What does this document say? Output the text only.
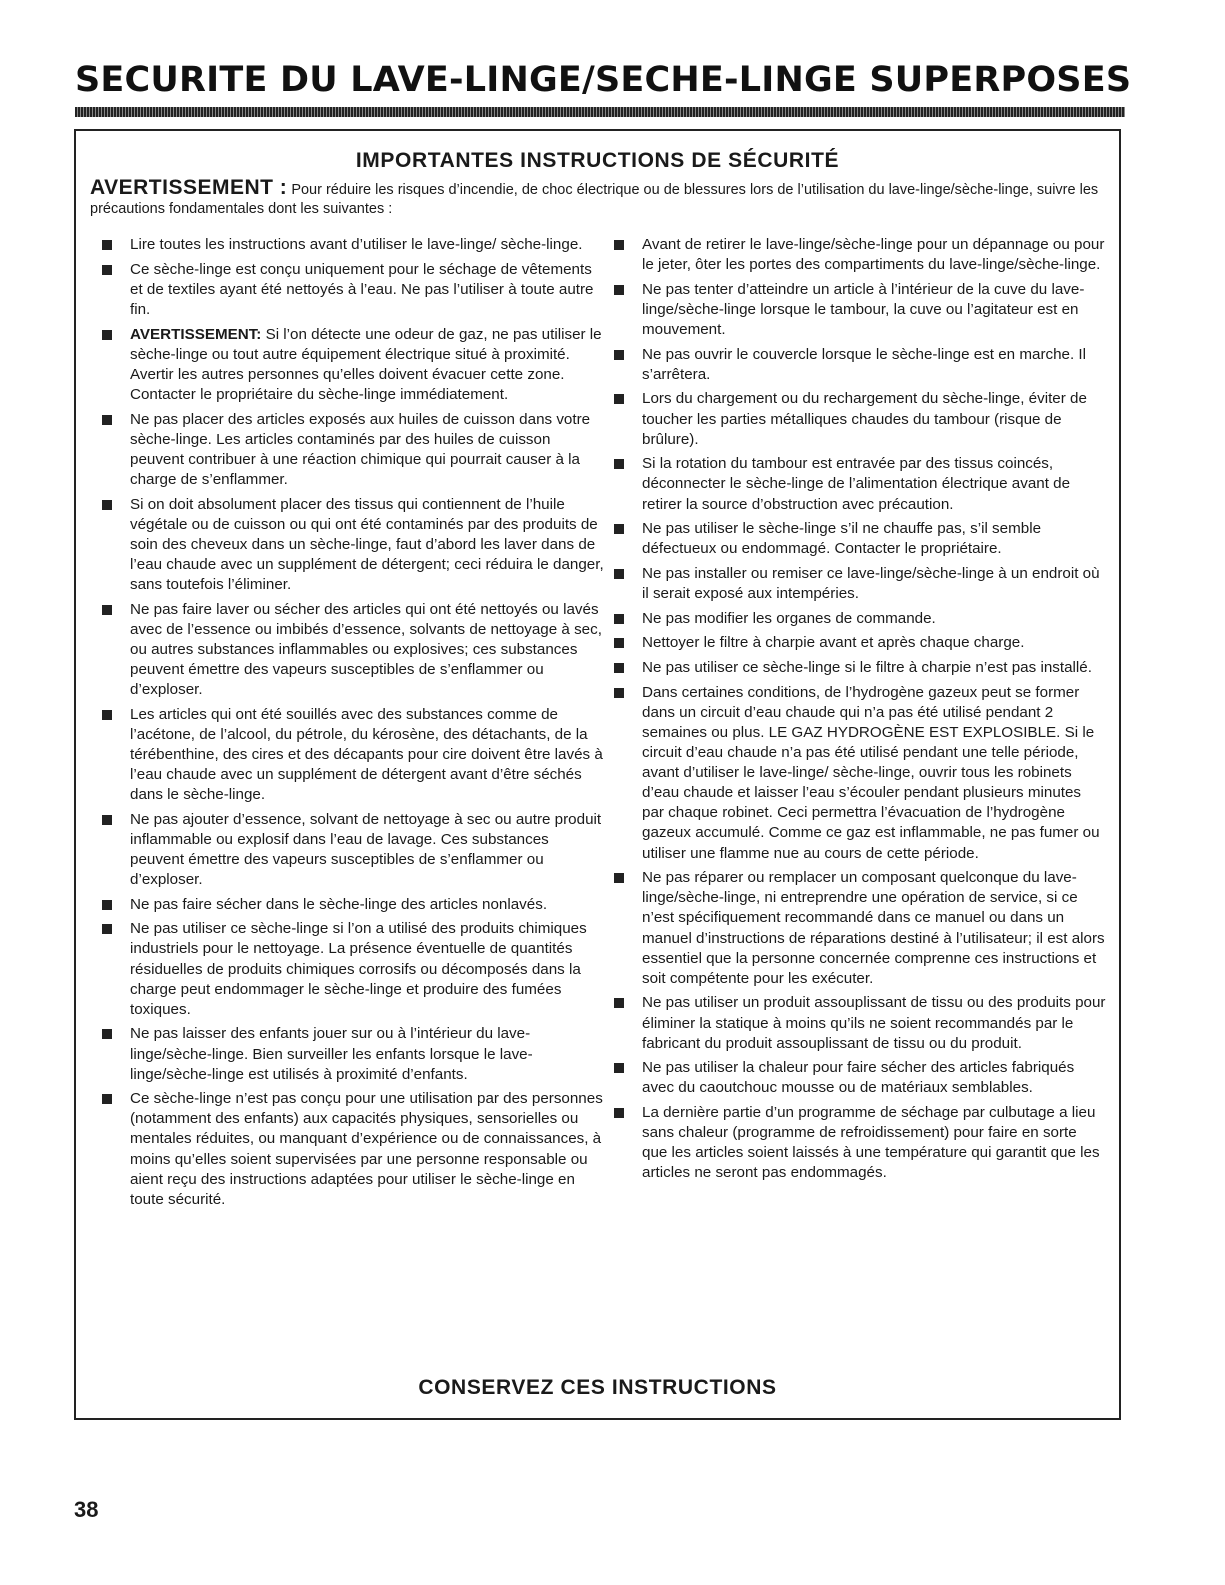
SECURITE DU LAVE-LINGE/SECHE-LINGE SUPERPOSES
IMPORTANTES INSTRUCTIONS DE SÉCURITÉ

AVERTISSEMENT : Pour réduire les risques d’incendie, de choc électrique ou de blessures lors de l’utilisation du lave-linge/sèche-linge, suivre les précautions fondamentales dont les suivantes :

Lire toutes les instructions avant d’utiliser le lave-linge/ sèche-linge.
Ce sèche-linge est conçu uniquement pour le séchage de vêtements et de textiles ayant été nettoyés à l’eau. Ne pas l’utiliser à toute autre fin.
AVERTISSEMENT: Si l’on détecte une odeur de gaz, ne pas utiliser le sèche-linge ou tout autre équipement électrique situé à proximité. Avertir les autres personnes qu’elles doivent évacuer cette zone. Contacter le propriétaire du sèche-linge immédiatement.
Ne pas placer des articles exposés aux huiles de cuisson dans votre sèche-linge. Les articles contaminés par des huiles de cuisson peuvent contribuer à une réaction chimique qui pourrait causer à la charge de s’enflammer.
Si on doit absolument placer des tissus qui contiennent de l’huile végétale ou de cuisson ou qui ont été contaminés par des produits de soin des cheveux dans un sèche-linge, faut d’abord les laver dans de l’eau chaude avec un supplément de détergent; ceci réduira le danger, sans toutefois l’éliminer.
Ne pas faire laver ou sécher des articles qui ont été nettoyés ou lavés avec de l’essence ou imbibés d’essence, solvants de nettoyage à sec, ou autres substances inflammables ou explosives; ces substances peuvent émettre des vapeurs susceptibles de s’enflammer ou d’exploser.
Les articles qui ont été souillés avec des substances comme de l’acétone, de l’alcool, du pétrole, du kérosène, des détachants, de la térébenthine, des cires et des décapants pour cire doivent être lavés à l’eau chaude avec un supplément de détergent avant d’être séchés dans le sèche-linge.
Ne pas ajouter d’essence, solvant de nettoyage à sec ou autre produit inflammable ou explosif dans l’eau de lavage. Ces substances peuvent émettre des vapeurs susceptibles de s’enflammer ou d’exploser.
Ne pas faire sécher dans le sèche-linge des articles nonlavés.
Ne pas utiliser ce sèche-linge si l’on a utilisé des produits chimiques industriels pour le nettoyage. La présence éventuelle de quantités résiduelles de produits chimiques corrosifs ou décomposés dans la charge peut endommager le sèche-linge et produire des fumées toxiques.
Ne pas laisser des enfants jouer sur ou à l’intérieur du lave-linge/sèche-linge. Bien surveiller les enfants lorsque le lave-linge/sèche-linge est utilisés à proximité d’enfants.
Ce sèche-linge n’est pas conçu pour une utilisation par des personnes (notamment des enfants) aux capacités physiques, sensorielles ou mentales réduites, ou manquant d’expérience ou de connaissances, à moins qu’elles soient supervisées par une personne responsable ou aient reçu des instructions adaptées pour utiliser le sèche-linge en toute sécurité.
Avant de retirer le lave-linge/sèche-linge pour un dépannage ou pour le jeter, ôter les portes des compartiments du lave-linge/sèche-linge.
Ne pas tenter d’atteindre un article à l’intérieur de la cuve du lave-linge/sèche-linge lorsque le tambour, la cuve ou l’agitateur est en mouvement.
Ne pas ouvrir le couvercle lorsque le sèche-linge est en marche. Il s’arrêtera.
Lors du chargement ou du rechargement du sèche-linge, éviter de toucher les parties métalliques chaudes du tambour (risque de brûlure).
Si la rotation du tambour est entravée par des tissus coincés, déconnecter le sèche-linge de l’alimentation électrique avant de retirer la source d’obstruction avec précaution.
Ne pas utiliser le sèche-linge s’il ne chauffe pas, s’il semble défectueux ou endommagé. Contacter le propriétaire.
Ne pas installer ou remiser ce lave-linge/sèche-linge à un endroit où il serait exposé aux intempéries.
Ne pas modifier les organes de commande.
Nettoyer le filtre à charpie avant et après chaque charge.
Ne pas utiliser ce sèche-linge si le filtre à charpie n’est pas installé.
Dans certaines conditions, de l’hydrogène gazeux peut se former dans un circuit d’eau chaude qui n’a pas été utilisé pendant 2 semaines ou plus. LE GAZ HYDROGÈNE EST EXPLOSIBLE. Si le circuit d’eau chaude n’a pas été utilisé pendant une telle période, avant d’utiliser le lave-linge/ sèche-linge, ouvrir tous les robinets d’eau chaude et laisser l’eau s’écouler pendant plusieurs minutes par chaque robinet. Ceci permettra l’évacuation de l’hydrogène gazeux accumulé. Comme ce gaz est inflammable, ne pas fumer ou utiliser une flamme nue au cours de cette période.
Ne pas réparer ou remplacer un composant quelconque du lave-linge/sèche-linge, ni entreprendre une opération de service, si ce n’est spécifiquement recommandé dans ce manuel ou dans un manuel d’instructions de réparations destiné à l’utilisateur; il est alors essentiel que la personne concernée comprenne ces instructions et soit compétente pour les exécuter.
Ne pas utiliser un produit assouplissant de tissu ou des produits pour éliminer la statique à moins qu’ils ne soient recommandés par le fabricant du produit assouplissant de tissu ou du produit.
Ne pas utiliser la chaleur pour faire sécher des articles fabriqués avec du caoutchouc mousse ou de matériaux semblables.
La dernière partie d’un programme de séchage par culbutage a lieu sans chaleur (programme de refroidissement) pour faire en sorte que les articles soient laissés à une température qui garantit que les articles ne seront pas endommagés.
CONSERVEZ CES INSTRUCTIONS

38
